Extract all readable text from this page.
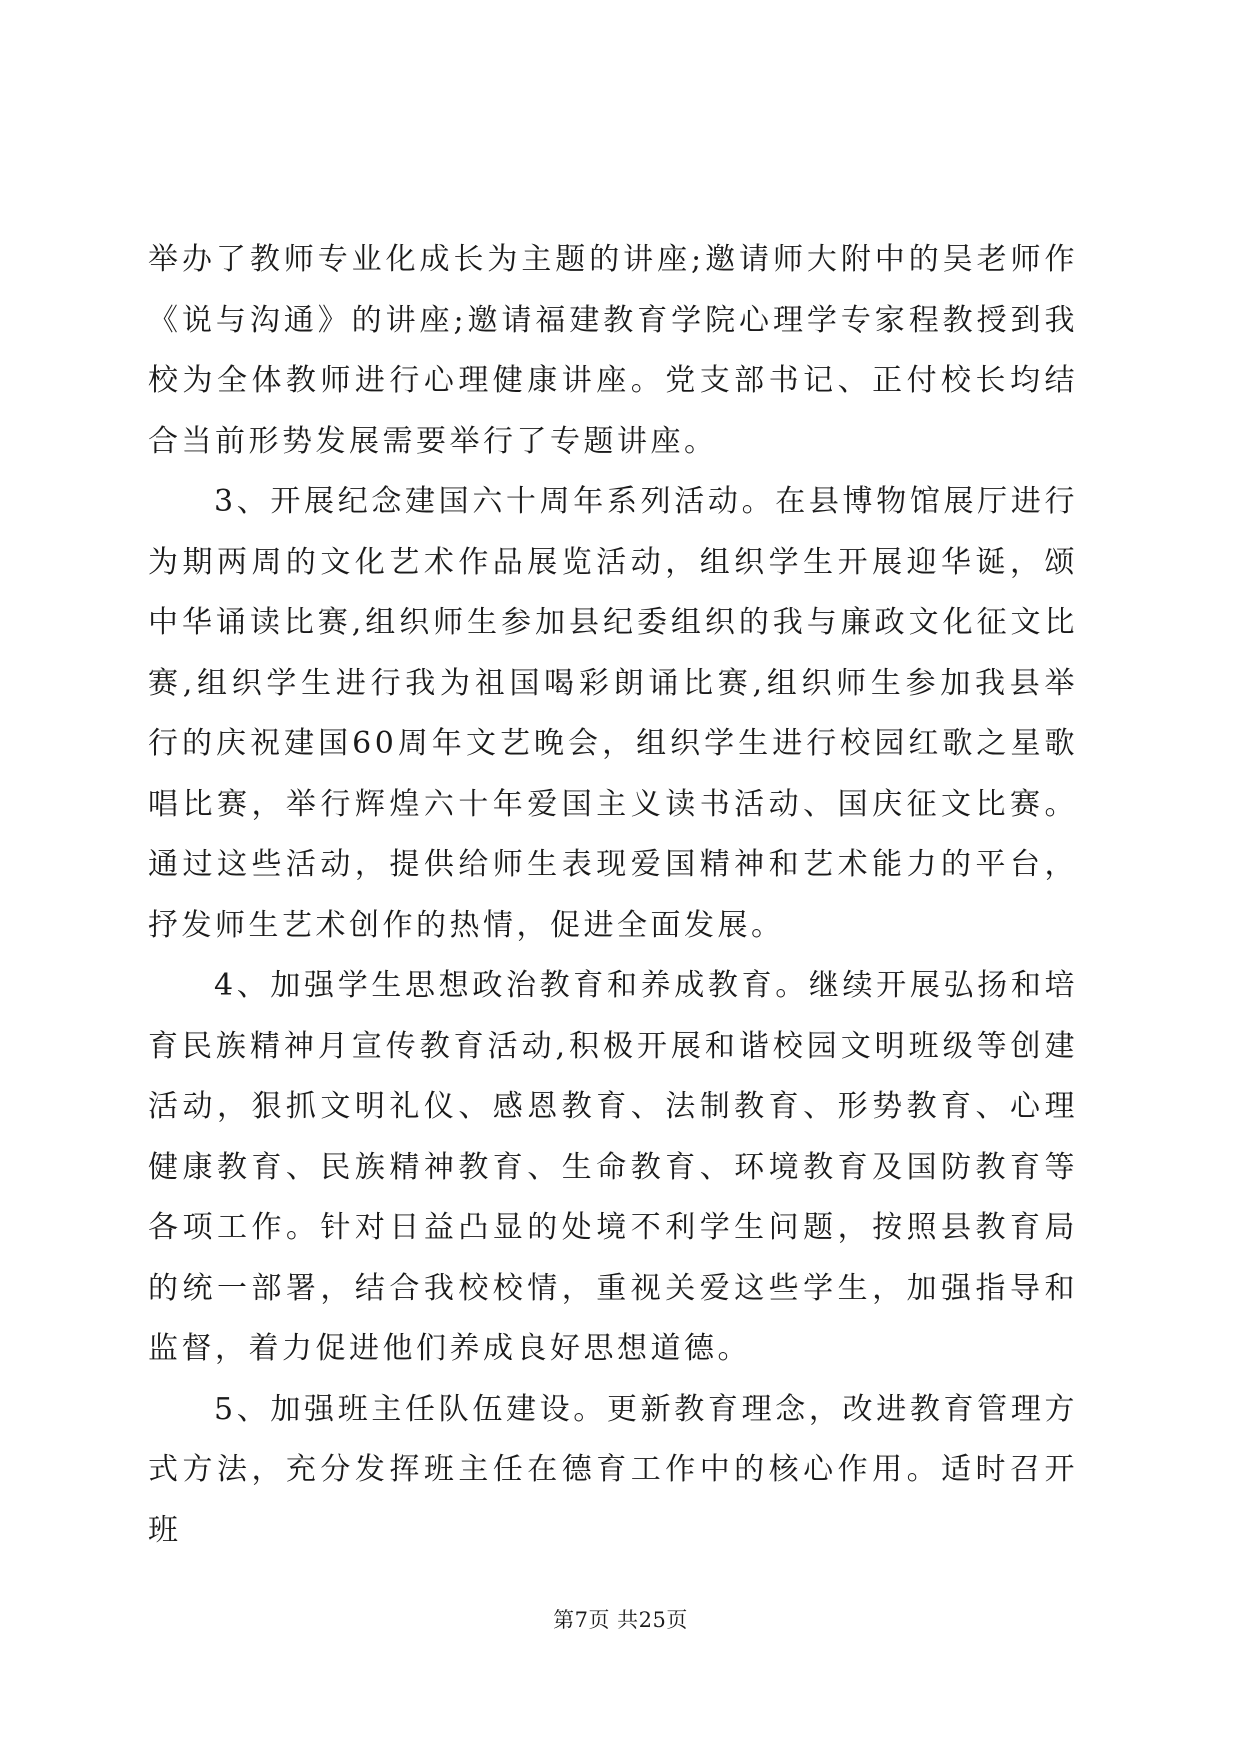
举办了教师专业化成长为主题的讲座;邀请师大附中的吴老师作《说与沟通》的讲座;邀请福建教育学院心理学专家程教授到我校为全体教师进行心理健康讲座。党支部书记、正付校长均结合当前形势发展需要举行了专题讲座。

3、开展纪念建国六十周年系列活动。在县博物馆展厅进行为期两周的文化艺术作品展览活动，组织学生开展迎华诞，颂中华诵读比赛,组织师生参加县纪委组织的我与廉政文化征文比赛,组织学生进行我为祖国喝彩朗诵比赛,组织师生参加我县举行的庆祝建国60周年文艺晚会，组织学生进行校园红歌之星歌唱比赛，举行辉煌六十年爱国主义读书活动、国庆征文比赛。通过这些活动，提供给师生表现爱国精神和艺术能力的平台，抒发师生艺术创作的热情，促进全面发展。

4、加强学生思想政治教育和养成教育。继续开展弘扬和培育民族精神月宣传教育活动,积极开展和谐校园文明班级等创建活动，狠抓文明礼仪、感恩教育、法制教育、形势教育、心理健康教育、民族精神教育、生命教育、环境教育及国防教育等各项工作。针对日益凸显的处境不利学生问题，按照县教育局的统一部署，结合我校校情，重视关爱这些学生，加强指导和监督，着力促进他们养成良好思想道德。

5、加强班主任队伍建设。更新教育理念，改进教育管理方式方法，充分发挥班主任在德育工作中的核心作用。适时召开班

第7页 共25页
